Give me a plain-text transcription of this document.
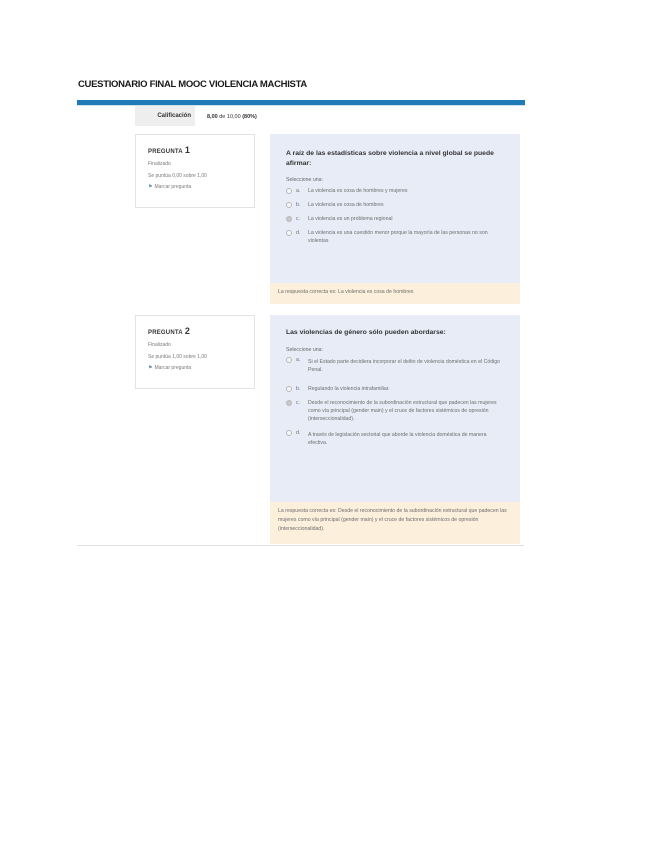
CUESTIONARIO FINAL MOOC VIOLENCIA MACHISTA
Calificación	8,00 de 10,00 (80%)
PREGUNTA 1
Finalizado
Se puntúa 0,00 sobre 1,00
⚑ Marcar pregunta
A raíz de las estadísticas sobre violencia a nivel global se puede afirmar:
Seleccione una:
a. La violencia es cosa de hombres y mujeres
b. La violencia es cosa de hombres
c. La violencia es un problema regional
d. La violencia es una cuestión menor porque la mayoría de las personas no son violentas
La respuesta correcta es: La violencia es cosa de hombres
PREGUNTA 2
Finalizado
Se puntúa 1,00 sobre 1,00
⚑ Marcar pregunta
Las violencias de género sólo pueden abordarse:
Seleccione una:
a. Si el Estado parte decidiera incorporar el delito de violencia doméstica en el Código Penal.
b. Regulando la violencia intrafamiliar.
c. Desde el reconocimiento de la subordinación estructural que padecen las mujeres como vía principal (gender main) y el cruce de factores sistémicos de opresión (interseccionalidad).
d. A través de legislación sectorial que aborde la violencia doméstica de manera efectiva.
La respuesta correcta es: Desde el reconocimiento de la subordinación estructural que padecen las mujeres como vía principal (gender main) y el cruce de factores sistémicos de opresión (interseccionalidad).
